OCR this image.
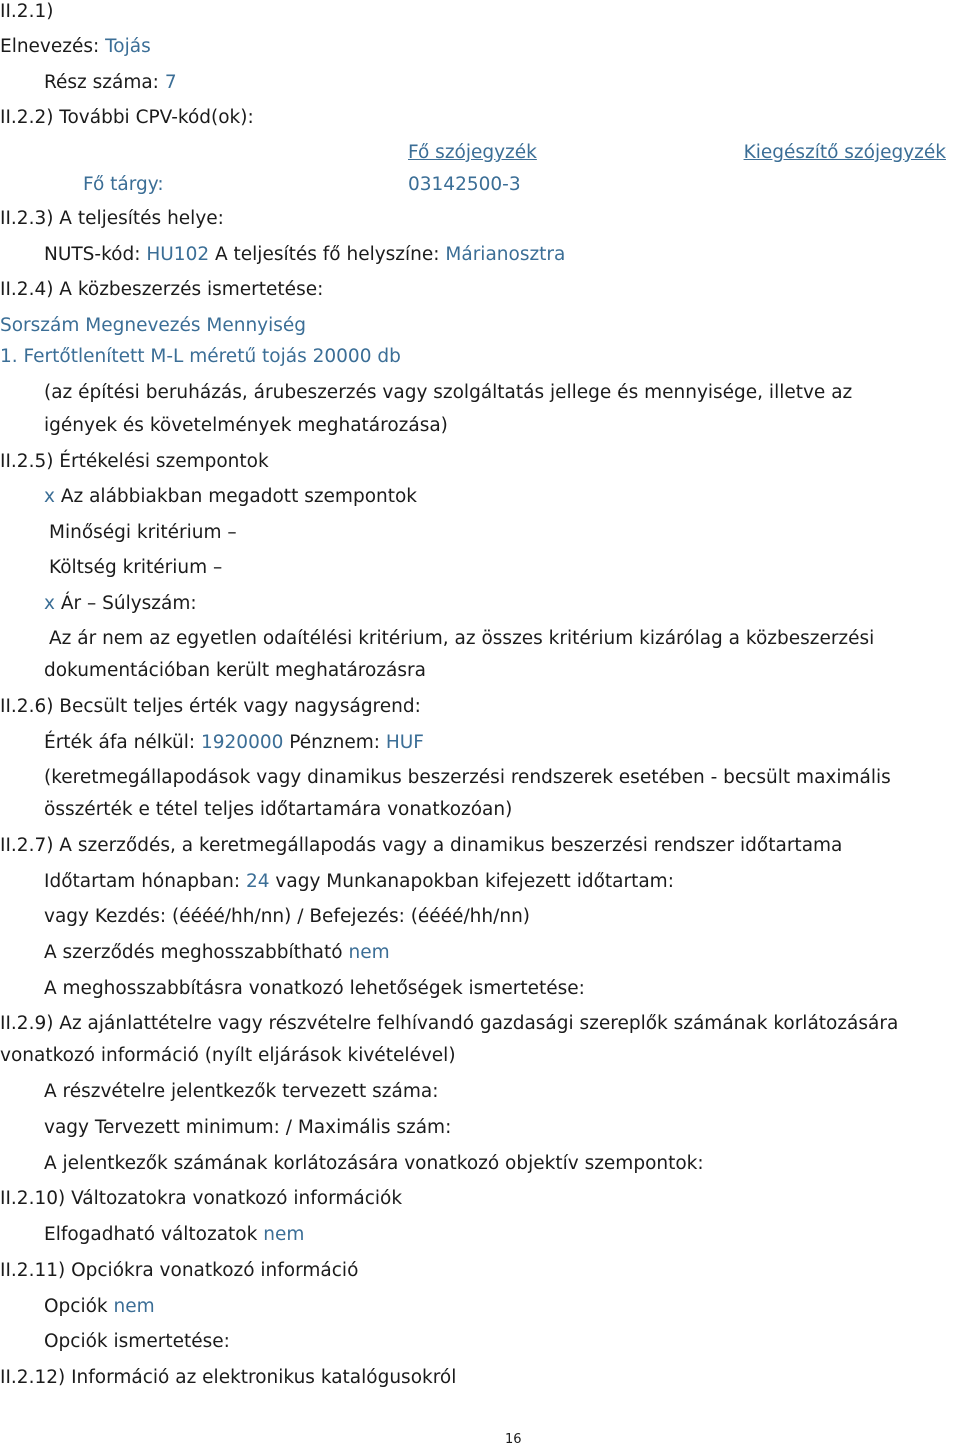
II.2.1)
Elnevezés: Tojás
Rész száma: 7
II.2.2) További CPV-kód(ok):
Fő szójegyzék	Kiegészítő szójegyzék
Fő tárgy:	03142500-3
II.2.3) A teljesítés helye:
NUTS-kód: HU102 A teljesítés fő helyszíne: Márianosztra
II.2.4) A közbeszerzés ismertetése:
Sorszám Megnevezés Mennyiség
1. Fertőtlenített M-L méretű tojás 20000 db
(az építési beruházás, árubeszerzés vagy szolgáltatás jellege és mennyisége, illetve az
igények és követelmények meghatározása)
II.2.5) Értékelési szempontok
x Az alábbiakban megadott szempontok
Minőségi kritérium –
Költség kritérium –
x Ár – Súlyszám:
Az ár nem az egyetlen odaítélési kritérium, az összes kritérium kizárólag a közbeszerzési
dokumentációban került meghatározásra
II.2.6) Becsült teljes érték vagy nagyságrend:
Érték áfa nélkül: 1920000 Pénznem: HUF
(keretmegállapodások vagy dinamikus beszerzési rendszerek esetében - becsült maximális
összérték e tétel teljes időtartamára vonatkozóan)
II.2.7) A szerződés, a keretmegállapodás vagy a dinamikus beszerzési rendszer időtartama
Időtartam hónapban: 24 vagy Munkanapokban kifejezett időtartam:
vagy Kezdés: (éééé/hh/nn) / Befejezés: (éééé/hh/nn)
A szerződés meghosszabbítható nem
A meghosszabbításra vonatkozó lehetőségek ismertetése:
II.2.9) Az ajánlattételre vagy részvételre felhívandó gazdasági szereplők számának korlátozására
vonatkozó információ (nyílt eljárások kivételével)
A részvételre jelentkezők tervezett száma:
vagy Tervezett minimum: / Maximális szám:
A jelentkezők számának korlátozására vonatkozó objektív szempontok:
II.2.10) Változatokra vonatkozó információk
Elfogadható változatok nem
II.2.11) Opciókra vonatkozó információ
Opciók nem
Opciók ismertetése:
II.2.12) Információ az elektronikus katalógusokról
16
